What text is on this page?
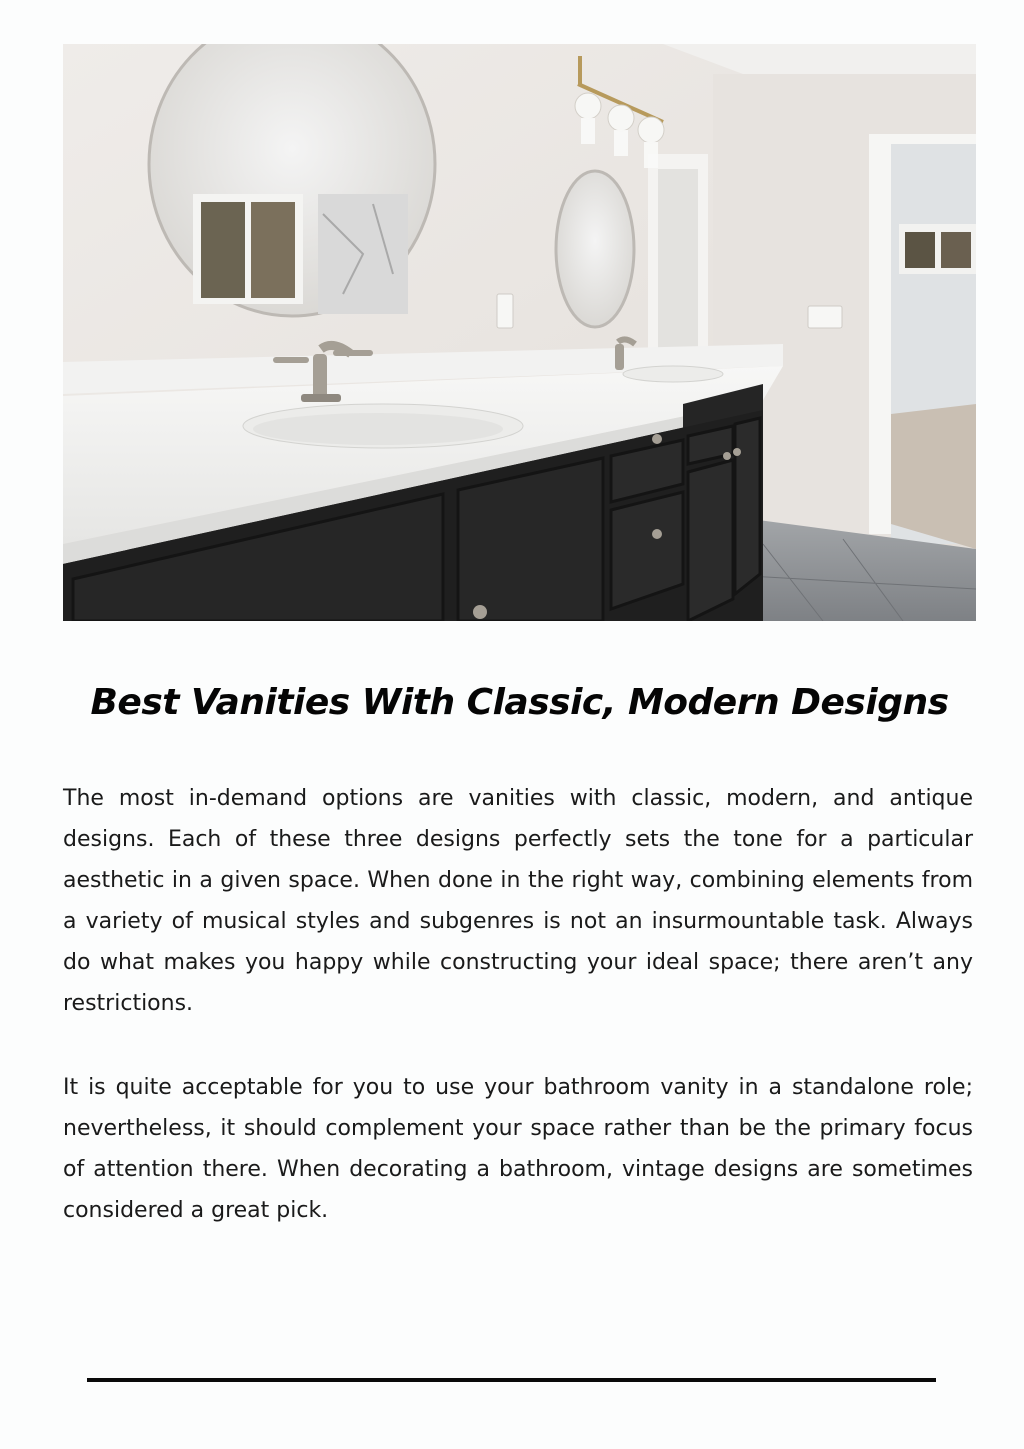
Best Vanities With Classic, Modern Designs

The most in-demand options are vanities with classic, modern, and antique designs. Each of these three designs perfectly sets the tone for a particular aesthetic in a given space. When done in the right way, combining elements from a variety of musical styles and subgenres is not an insurmountable task. Always do what makes you happy while constructing your ideal space; there aren’t any restrictions.

It is quite acceptable for you to use your bathroom vanity in a standalone role; nevertheless, it should complement your space rather than be the primary focus of attention there. When decorating a bathroom, vintage designs are sometimes considered a great pick.
